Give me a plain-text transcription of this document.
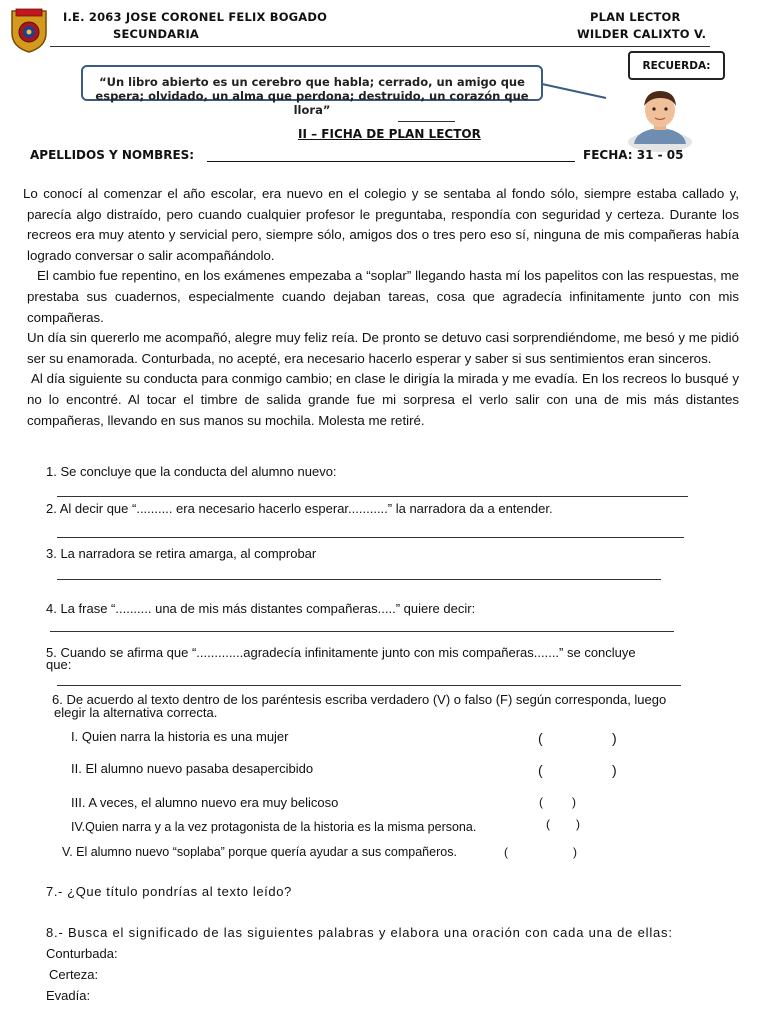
I.E. 2063 JOSE CORONEL FELIX BOGADO
SECUNDARIA
PLAN LECTOR
WILDER CALIXTO V.
“Un libro abierto es un cerebro que habla; cerrado, un amigo que espera; olvidado, un alma que perdona; destruido, un corazón que llora”
RECUERDA:
II – FICHA DE PLAN LECTOR
APELLIDOS Y NOMBRES:	FECHA: 31 - 05

Lo conocí al comenzar el año escolar, era nuevo en el colegio y se sentaba al fondo sólo, siempre estaba callado y, parecía algo distraído, pero cuando cualquier profesor le preguntaba, respondía con seguridad y certeza. Durante los recreos era muy atento y servicial pero, siempre sólo, amigos dos o tres pero eso sí, ninguna de mis compañeras había logrado conversar o salir acompañándolo.

El cambio fue repentino, en los exámenes empezaba a “soplar” llegando hasta mí los papelitos con las respuestas, me prestaba sus cuadernos, especialmente cuando dejaban tareas, cosa que agradecía infinitamente junto con mis compañeras.

Un día sin quererlo me acompañó, alegre muy feliz reía. De pronto se detuvo casi sorprendiéndome, me besó y me pidió ser su enamorada. Conturbada, no acepté, era necesario hacerlo esperar y saber si sus sentimientos eran sinceros.

Al día siguiente su conducta para conmigo cambio; en clase le dirigía la mirada y me evadía. En los recreos lo busqué y no lo encontré. Al tocar el timbre de salida grande fue mi sorpresa el verlo salir con una de mis más distantes compañeras, llevando en sus manos su mochila. Molesta me retiré.

1. Se concluye que la conducta del alumno nuevo:
2. Al decir que “.......... era necesario hacerlo esperar...........” la narradora da a entender.
3. La narradora se retira amarga, al comprobar
4. La frase “.......... una de mis más distantes compañeras.....” quiere decir:
5. Cuando se afirma que “.............agradecía infinitamente junto con mis compañeras.......” se concluye
que:
6. De acuerdo al texto dentro de los paréntesis escriba verdadero (V) o falso (F) según corresponda, luego
elegir la alternativa correcta.
I. Quien narra la historia es una mujer	(	)
II. El alumno nuevo pasaba desapercibido	(	)
III. A veces, el alumno nuevo era muy belicoso	( )
IV.Quien narra y a la vez protagonista de la historia es la misma persona.	( )
V. El alumno nuevo “soplaba” porque quería ayudar a sus compañeros.	(	)
7.- ¿Que título pondrías al texto leído?
8.- Busca el significado de las siguientes palabras y elabora una oración con cada una de ellas:
Conturbada:
Certeza:
Evadía:
